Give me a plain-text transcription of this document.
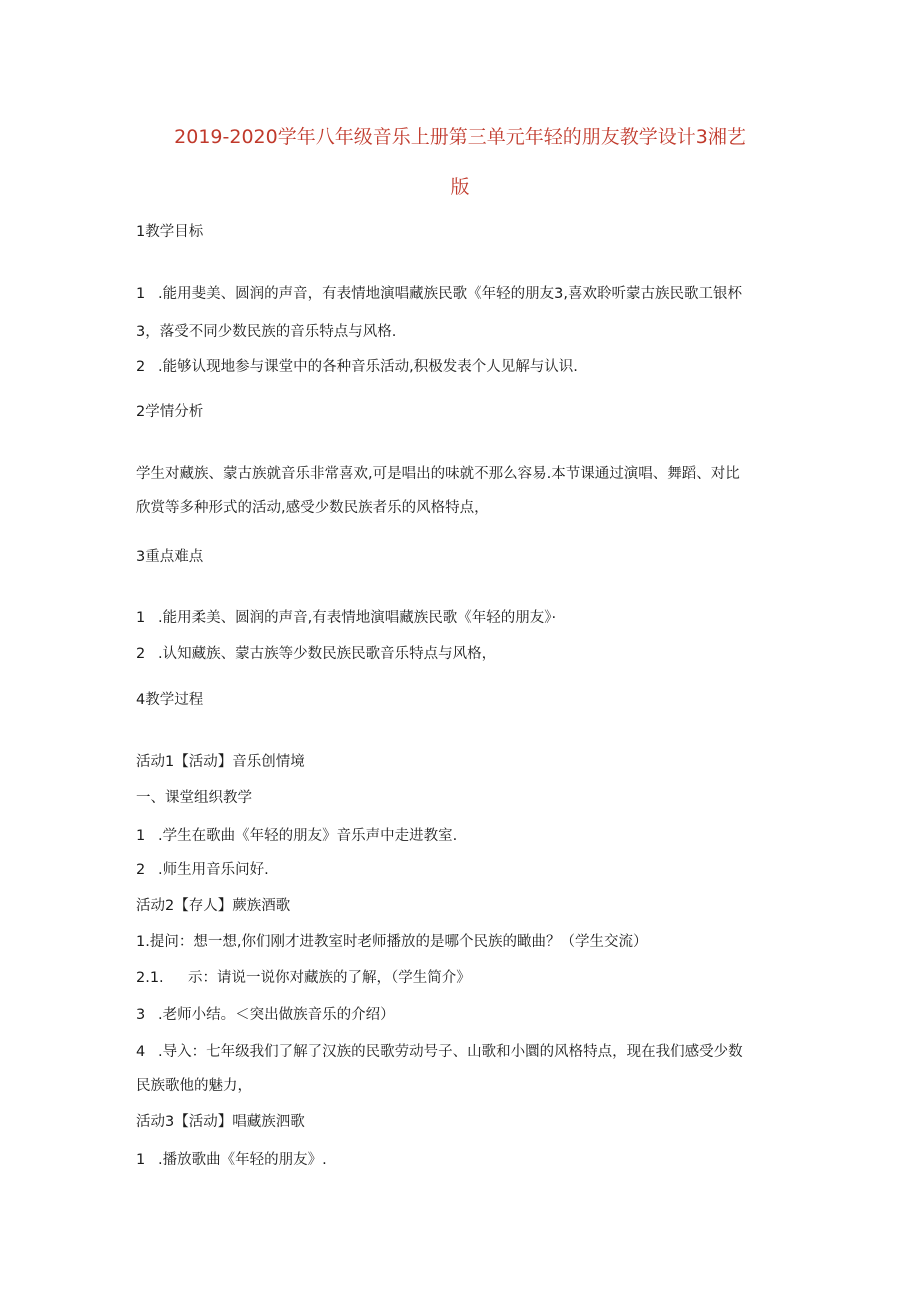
2019-2020学年八年级音乐上册第三单元年轻的朋友教学设计3湘艺
版
1教学目标
1 .能用斐美、圆润的声音，有表情地演唱藏族民歌《年轻的朋友3,喜欢聆听蒙古族民歌工银杯
3，落受不同少数民族的音乐特点与风格.
2 .能够认现地参与课堂中的各种音乐活动,积极发表个人见解与认识.
2学情分析
学生对藏族、蒙古族就音乐非常喜欢,可是唱出的味就不那么容易.本节课通过演唱、舞蹈、对比
欣赏等多种形式的活动,感受少数民族者乐的风格特点，
3重点难点
1 .能用柔美、圆润的声音,有表情地演唱藏族民歌《年轻的朋友》·
2 .认知藏族、蒙古族等少数民族民歌音乐特点与风格，
4教学过程
活动1【活动】音乐创情境
一、课堂组织教学
1 .学生在歌曲《年轻的朋友》音乐声中走进教室.
2 .师生用音乐问好.
活动2【存人】蕨族酒歌
1.提问：想一想,你们刚才进教室时老师播放的是哪个民族的瞰曲？（学生交流）
2.1. 示：请说一说你对藏族的了解，（学生简介》
3 .老师小结。＜突出做族音乐的介绍）
4 .导入：七年级我们了解了汉族的民歌劳动号子、山歌和小圜的风格特点，现在我们感受少数
民族歌他的魅力，
活动3【活动】唱藏族泗歌
1 .播放歌曲《年轻的朋友》.
